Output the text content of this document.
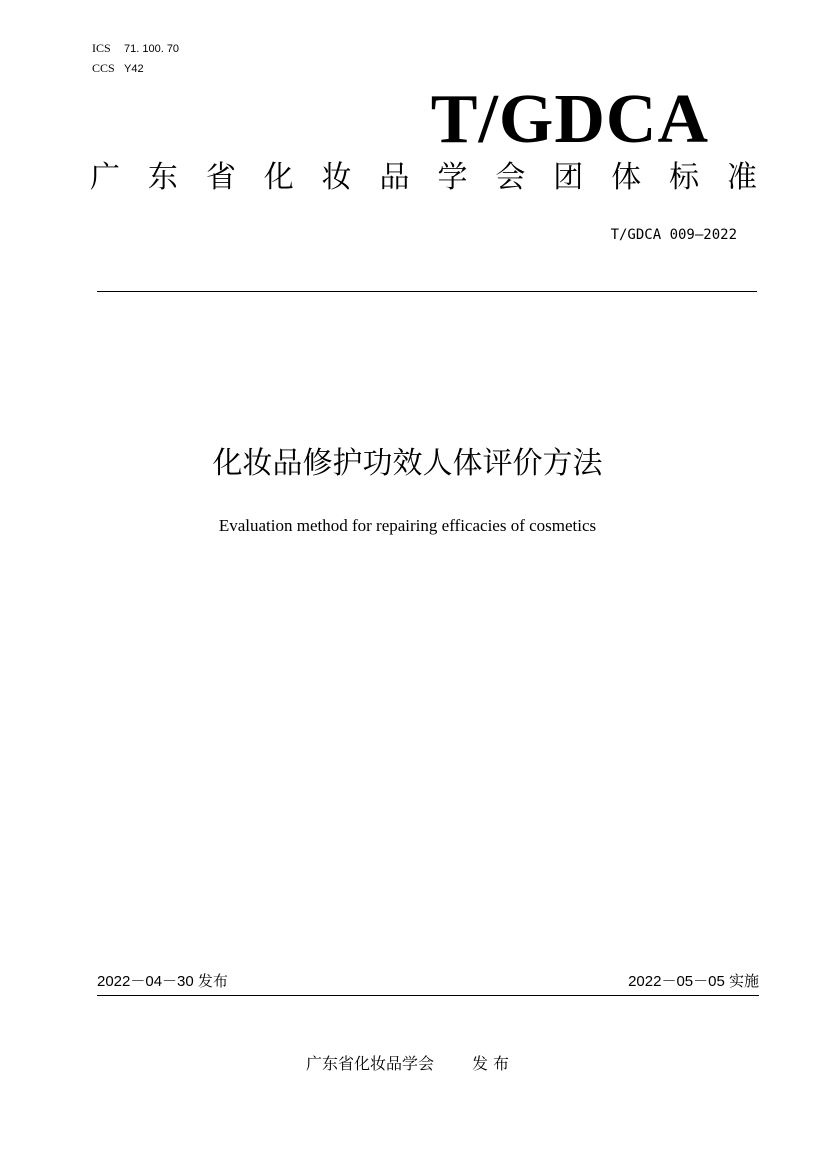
ICS 71. 100. 70
CCS Y42
T/GDCA
广 东 省 化 妆 品 学 会 团 体 标 准
T/GDCA 009—2022
化妆品修护功效人体评价方法
Evaluation method for repairing efficacies of cosmetics
2022－04－30 发布	2022－05－05 实施
广东省化妆品学会 发 布
